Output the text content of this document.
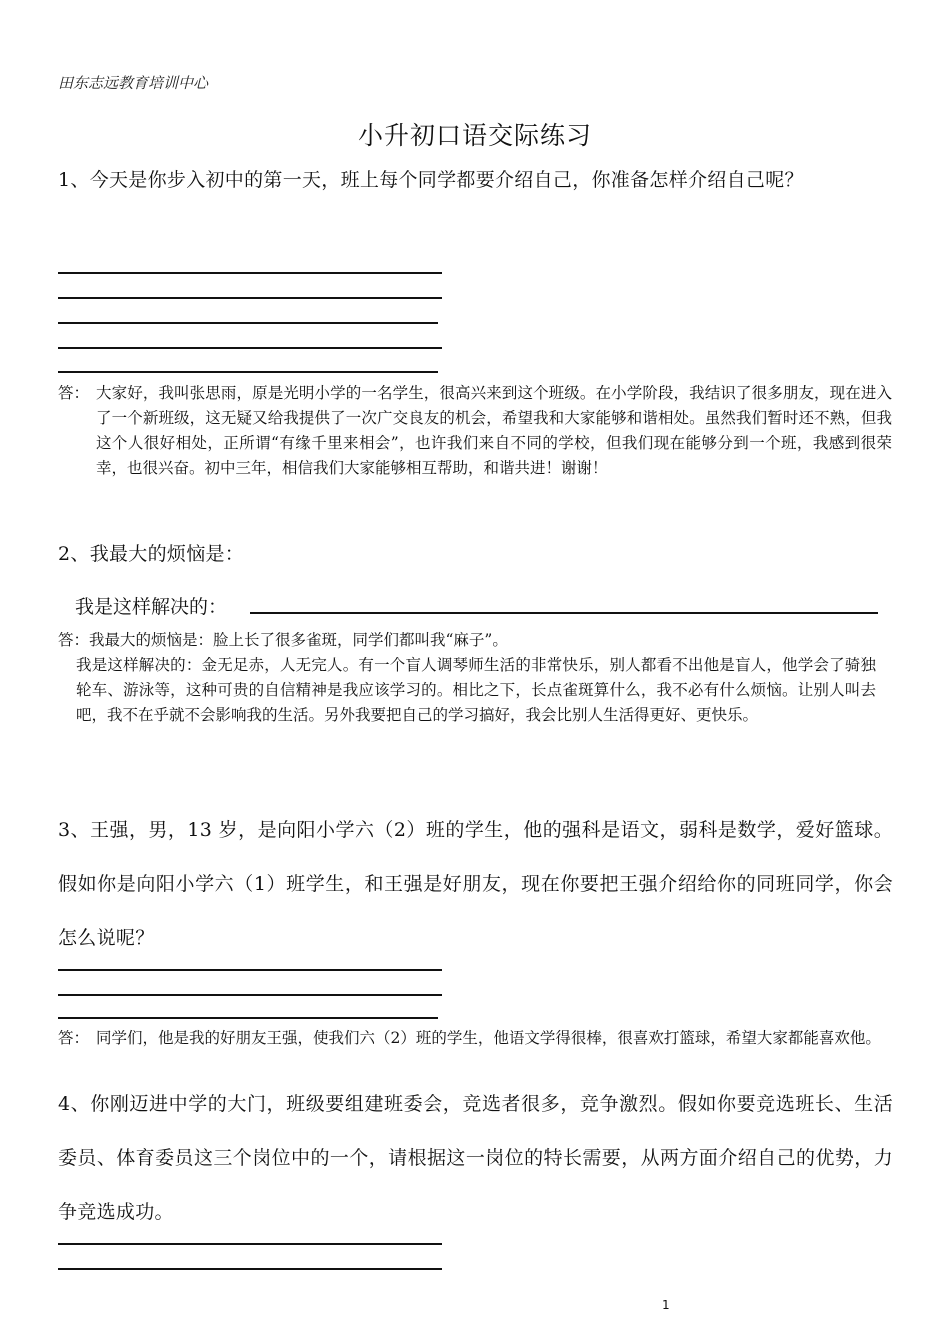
田东志远教育培训中心
小升初口语交际练习
1、今天是你步入初中的第一天，班上每个同学都要介绍自己，你准备怎样介绍自己呢？
答： 大家好，我叫张思雨，原是光明小学的一名学生，很高兴来到这个班级。在小学阶段，我结识了很多朋友，现在进入了一个新班级，这无疑又给我提供了一次广交良友的机会，希望我和大家能够和谐相处。虽然我们暂时还不熟，但我这个人很好相处，正所谓“有缘千里来相会”，也许我们来自不同的学校，但我们现在能够分到一个班，我感到很荣幸，也很兴奋。初中三年，相信我们大家能够相互帮助，和谐共进！谢谢！
2、我最大的烦恼是：
我是这样解决的：
答：我最大的烦恼是：脸上长了很多雀斑，同学们都叫我“麻子”。
我是这样解决的：金无足赤，人无完人。有一个盲人调琴师生活的非常快乐，别人都看不出他是盲人，他学会了骑独轮车、游泳等，这种可贵的自信精神是我应该学习的。相比之下，长点雀斑算什么，我不必有什么烦恼。让别人叫去吧，我不在乎就不会影响我的生活。另外我要把自己的学习搞好，我会比别人生活得更好、更快乐。
3、王强，男，13 岁，是向阳小学六（2）班的学生，他的强科是语文，弱科是数学，爱好篮球。假如你是向阳小学六（1）班学生，和王强是好朋友，现在你要把王强介绍给你的同班同学，你会怎么说呢？
答： 同学们，他是我的好朋友王强，使我们六（2）班的学生，他语文学得很棒，很喜欢打篮球，希望大家都能喜欢他。
4、你刚迈进中学的大门，班级要组建班委会，竞选者很多，竞争激烈。假如你要竞选班长、生活委员、体育委员这三个岗位中的一个，请根据这一岗位的特长需要，从两方面介绍自己的优势，力争竞选成功。
1
